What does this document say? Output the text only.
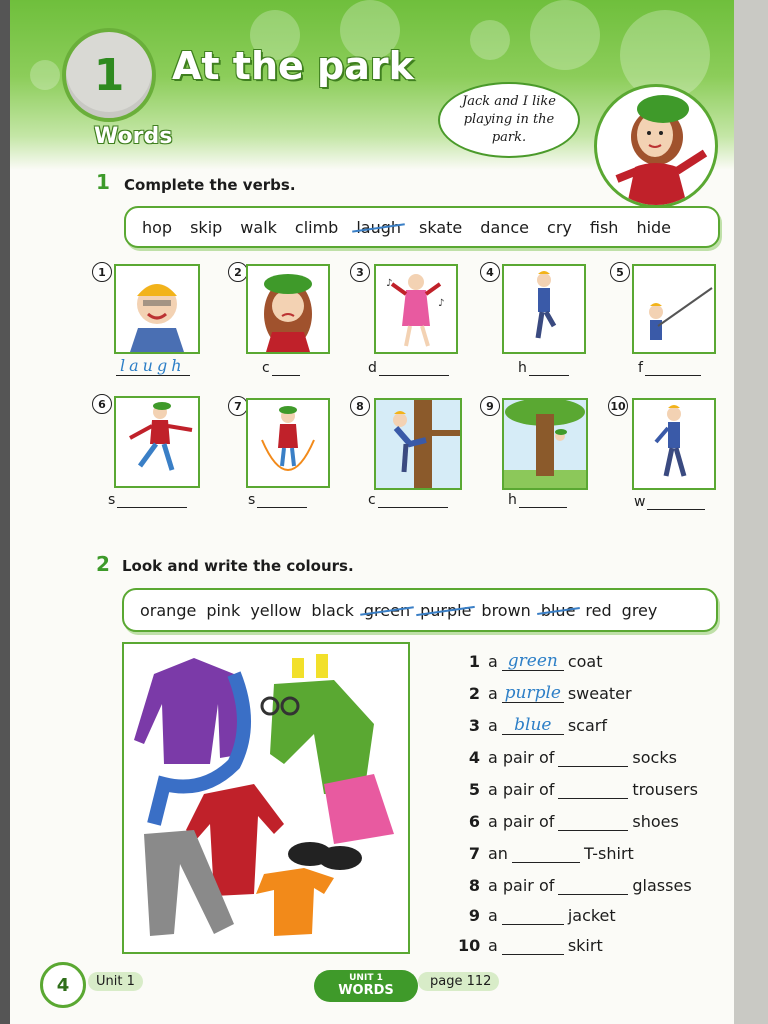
1 At the park
Words
Jack and I like playing in the park.
1 Complete the verbs.
hop skip walk climb laugh skate dance cry fish hide
1	2	3
♪
♪
4	5
laugh	c	d	h	f
6	7	8	9	10
s	s	c	h	w
2 Look and write the colours.
orange pink yellow black green purple brown blue red grey
1 a green coat
2 a purple sweater
3 a blue	scarf
4 a pair of	socks
5 a pair of	trousers
6 a pair of	shoes
7 an	T-shirt
8 a pair of	glasses
9 a	jacket
10 a	skirt
4	Unit 1	page 112
UNIT 1
WORDS
